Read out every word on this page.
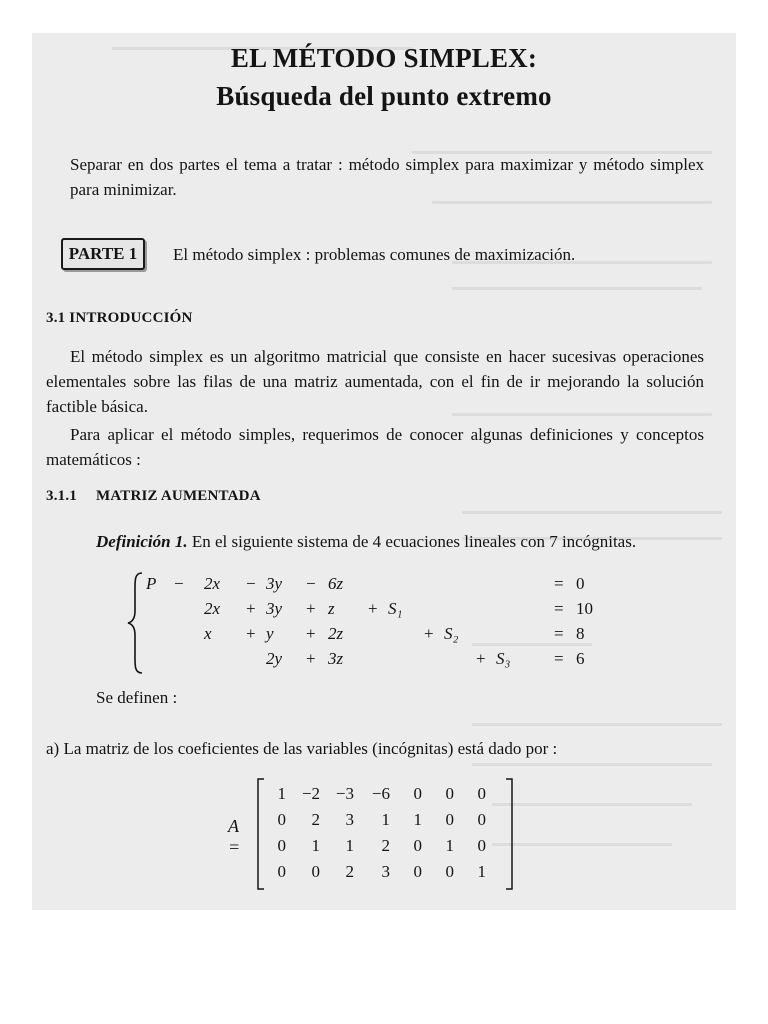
EL MÉTODO SIMPLEX:
Búsqueda del punto extremo
Separar en dos partes el tema a tratar : método simplex para maximizar y método simplex para minimizar.
PARTE 1	El método simplex : problemas comunes de maximización.
3.1 INTRODUCCIÓN
El método simplex es un algoritmo matricial que consiste en hacer sucesivas operaciones elementales sobre las filas de una matriz aumentada, con el fin de ir mejorando la solución factible básica.
Para aplicar el método simples, requerimos de conocer algunas definiciones y conceptos matemáticos :
3.1.1 MATRIZ AUMENTADA
Definición 1. En el siguiente sistema de 4 ecuaciones lineales con 7 incógnitas.
P − 2x − 3y − 6z	= 0
2x + 3y + z + S₁	= 10
x + y + 2z	+ S₂	= 8
2y + 3z	+ S₃	= 6
Se definen :
a) La matriz de los coeficientes de las variables (incógnitas) está dado por :
A =
1 −2 −3	−6	0	0	0
0	2	3	1	1	0	0
0	1	1	2	0	1	0
0	0	2	3	0	0	1
